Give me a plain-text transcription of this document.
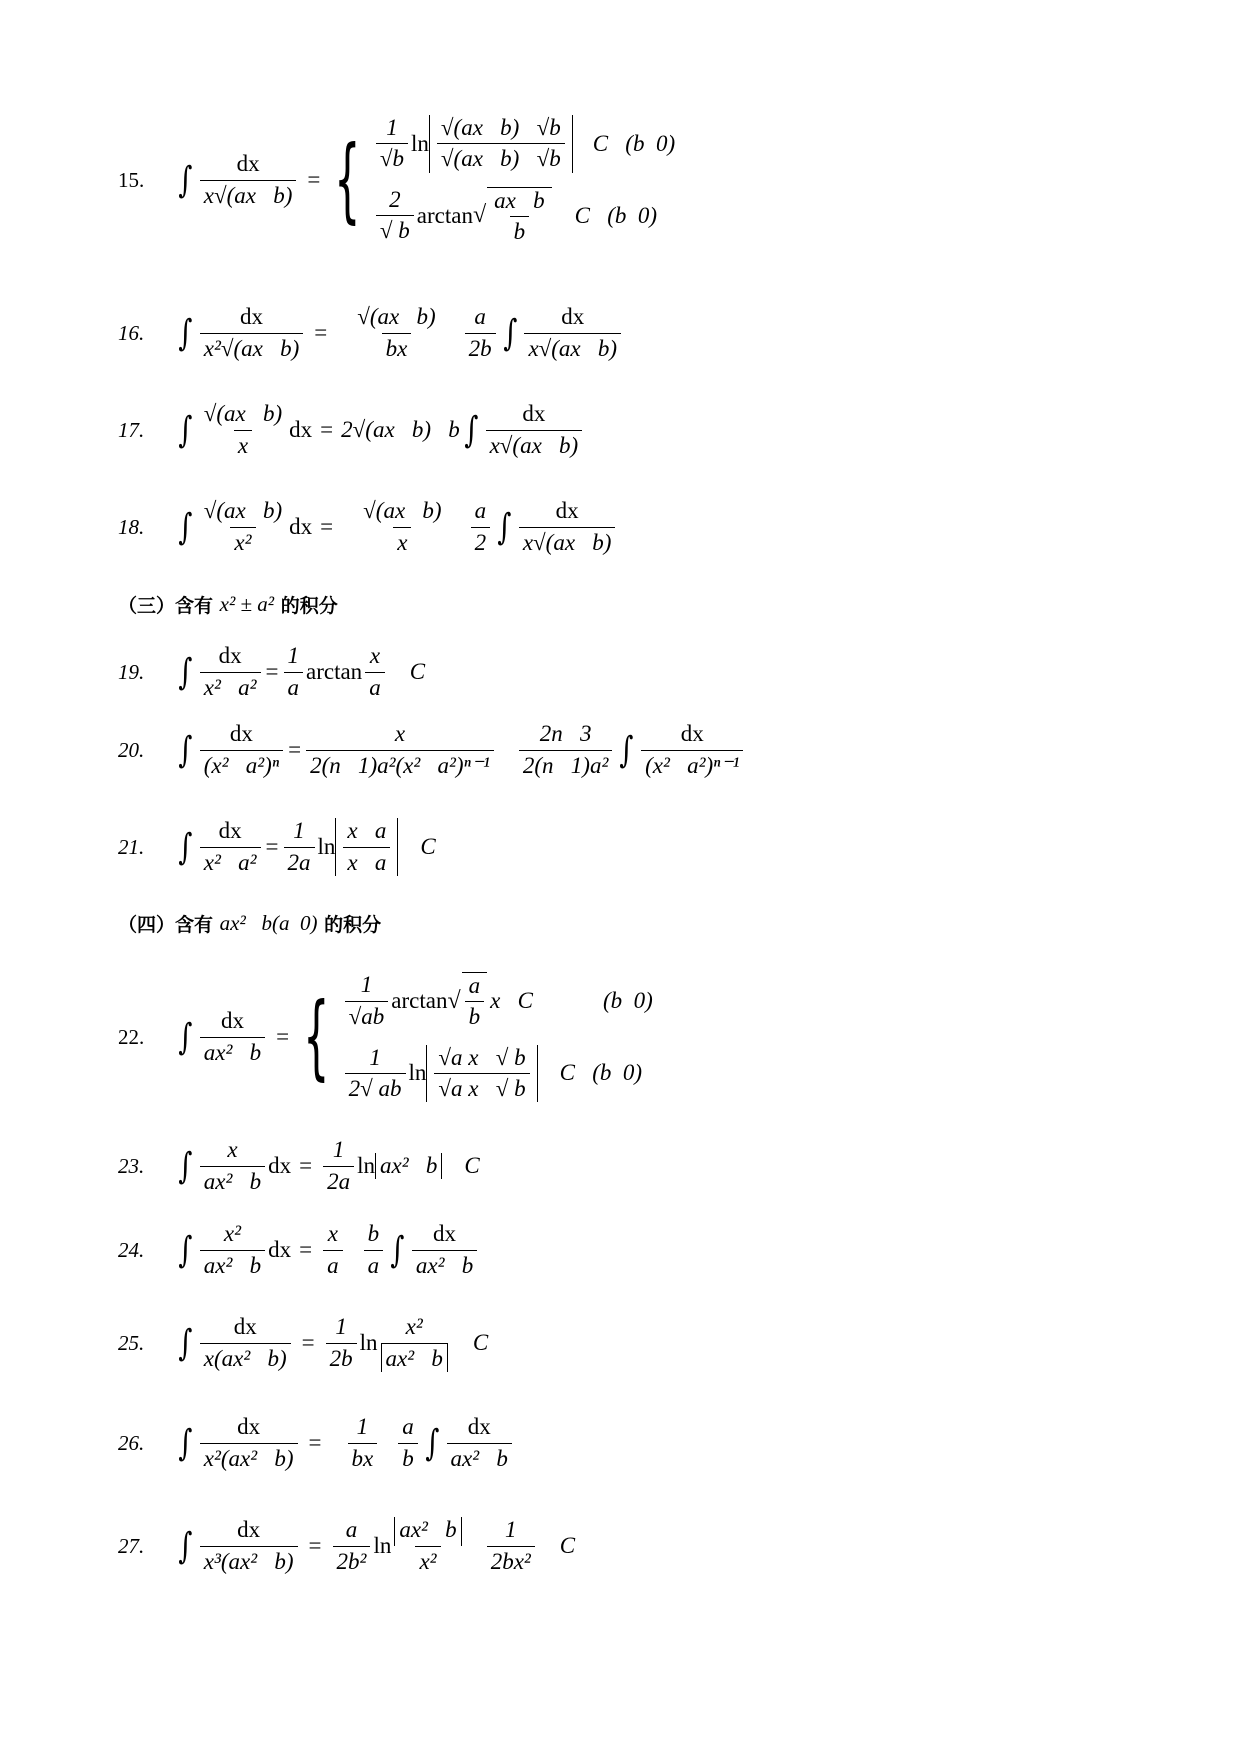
15. ∫ $\frac{dx}{\text{x√(ax   b)}}$ = { $\frac{1}{√b}$ $\ln \frac{\text{√(ax   b)   √b}}{\text{√(ax   b)   √b}}$ C   (b  0)
$\frac{2}{√ b}$ arctan √ $\frac{\text{ax   b}}{b}$ C   (b  0)
16. ∫ $\frac{dx}{\text{x²√(ax   b)}} = \frac{\text{√(ax   b)}}{bx} \frac{a}{2b}$ ∫ $\frac{dx}{\text{x√(ax   b)}}$
17. ∫ $\frac{\text{√(ax   b)}}{x}$ dx = 2√(ax   b)   b ∫ $\frac{dx}{\text{x√(ax   b)}}$
18. ∫ $\frac{\text{√(ax   b)}}{\text{x²}}$ dx = $\frac{\text{√(ax   b)}}{x} \frac{a}{2}$ ∫ $\frac{dx}{\text{x√(ax   b)}}$
（三）含有 x² ± a² 的积分
19. ∫ $\frac{dx}{\text{x²   a²}} = \frac{1}{a}$ $\arctan \frac{x}{a}$ C
20. ∫ $\frac{dx}{\text{(x²   a²)ⁿ}} = \frac{x}{\text{2(n   1)a²(x²   a²)ⁿ⁻¹}} \frac{2n 3}{\text{2(n   1)a²}}$ ∫ $\frac{dx}{\text{(x²   a²)ⁿ⁻¹}}$
21. ∫ $\frac{dx}{\text{x²   a²}} = \frac{1}{2a}$ $\ln \frac{\text{x   a}}{\text{x   a}}$ C
（四）含有 ax²   b(a  0) 的积分
22. ∫ $\frac{dx}{\text{ax²   b}}$ = { $\frac{1}{√ab}$ arctan √ $\frac{a}{b}$ x   C	(b  0)
$\frac{1}{2√ ab}$ $\ln \frac{\text{√a x   √ b}}{\text{√a x   √ b}}$ C   (b  0)
23. ∫ $\frac{x}{\text{ax²   b}}$ dx = $\frac{1}{2a}$ ln ax²   b C
24. ∫ $\frac{\text{x²}}{\text{ax²   b}}$ dx = $\frac{x}{a} \frac{b}{a}$ ∫ $\frac{dx}{\text{ax²   b}}$
25. ∫ $\frac{dx}{\text{x(ax²   b)}} = \frac{1}{2b}$ $\ln \frac{\text{x²}}{\text{ax²   b}}$ C
26. ∫ $\frac{dx}{\text{x²(ax²   b)}} = \frac{1}{bx} \frac{a}{b}$ ∫ $\frac{dx}{\text{ax²   b}}$
27. ∫ $\frac{dx}{\text{x³(ax²   b)}} = \frac{a}{\text{2b²}}$ $\ln \frac{\text{ax²   b}}{\text{x²}} \frac{1}{\text{2bx²}}$ C
